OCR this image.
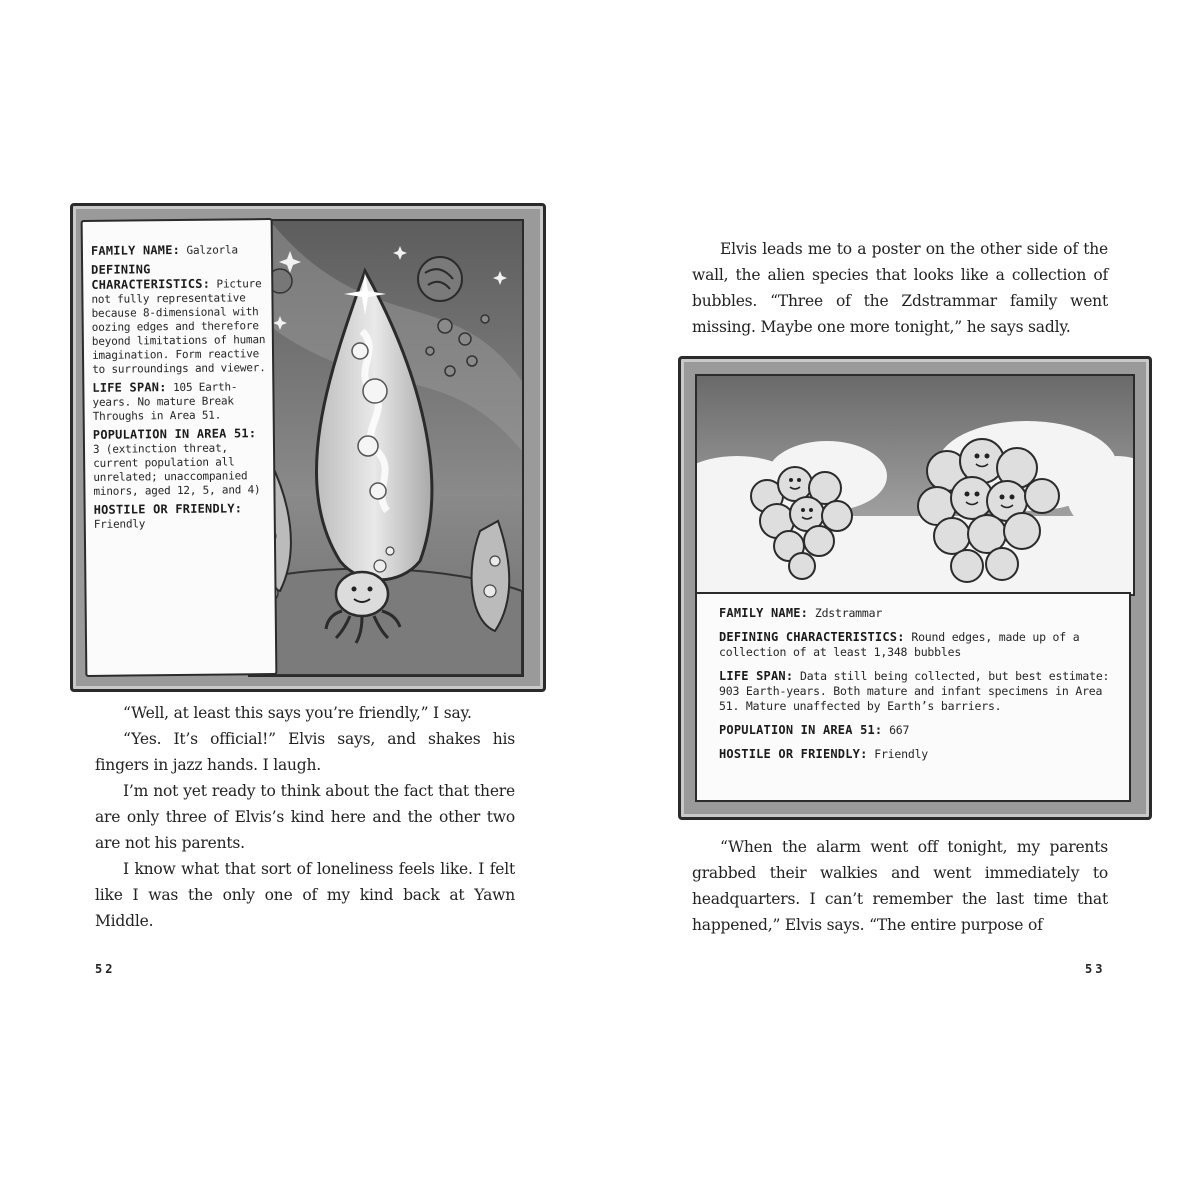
FAMILY NAME: Galzorla
DEFINING CHARACTERISTICS: Picture not fully representative because 8-dimensional with oozing edges and therefore beyond limitations of human imagination. Form reactive to surroundings and viewer.
LIFE SPAN: 105 Earth-years. No mature Break Throughs in Area 51.
POPULATION IN AREA 51: 3 (extinction threat, current population all unrelated; unaccompanied minors, aged 12, 5, and 4)
HOSTILE OR FRIENDLY:
Friendly

“Well, at least this says you’re friendly,” I say.

“Yes. It’s official!” Elvis says, and shakes his fingers in jazz hands. I laugh.

I’m not yet ready to think about the fact that there are only three of Elvis’s kind here and the other two are not his parents.

I know what that sort of loneliness feels like. I felt like I was the only one of my kind back at Yawn Middle.

52

Elvis leads me to a poster on the other side of the wall, the alien species that looks like a collection of bubbles. “Three of the Zdstrammar family went missing. Maybe one more tonight,” he says sadly.

FAMILY NAME: Zdstrammar
DEFINING CHARACTERISTICS: Round edges, made up of a collection of at least 1,348 bubbles
LIFE SPAN: Data still being collected, but best estimate: 903 Earth-years. Both mature and infant specimens in Area 51. Mature unaffected by Earth’s barriers.
POPULATION IN AREA 51: 667
HOSTILE OR FRIENDLY: Friendly

“When the alarm went off tonight, my parents grabbed their walkies and went immediately to headquarters. I can’t remember the last time that happened,” Elvis says. “The entire purpose of

53
